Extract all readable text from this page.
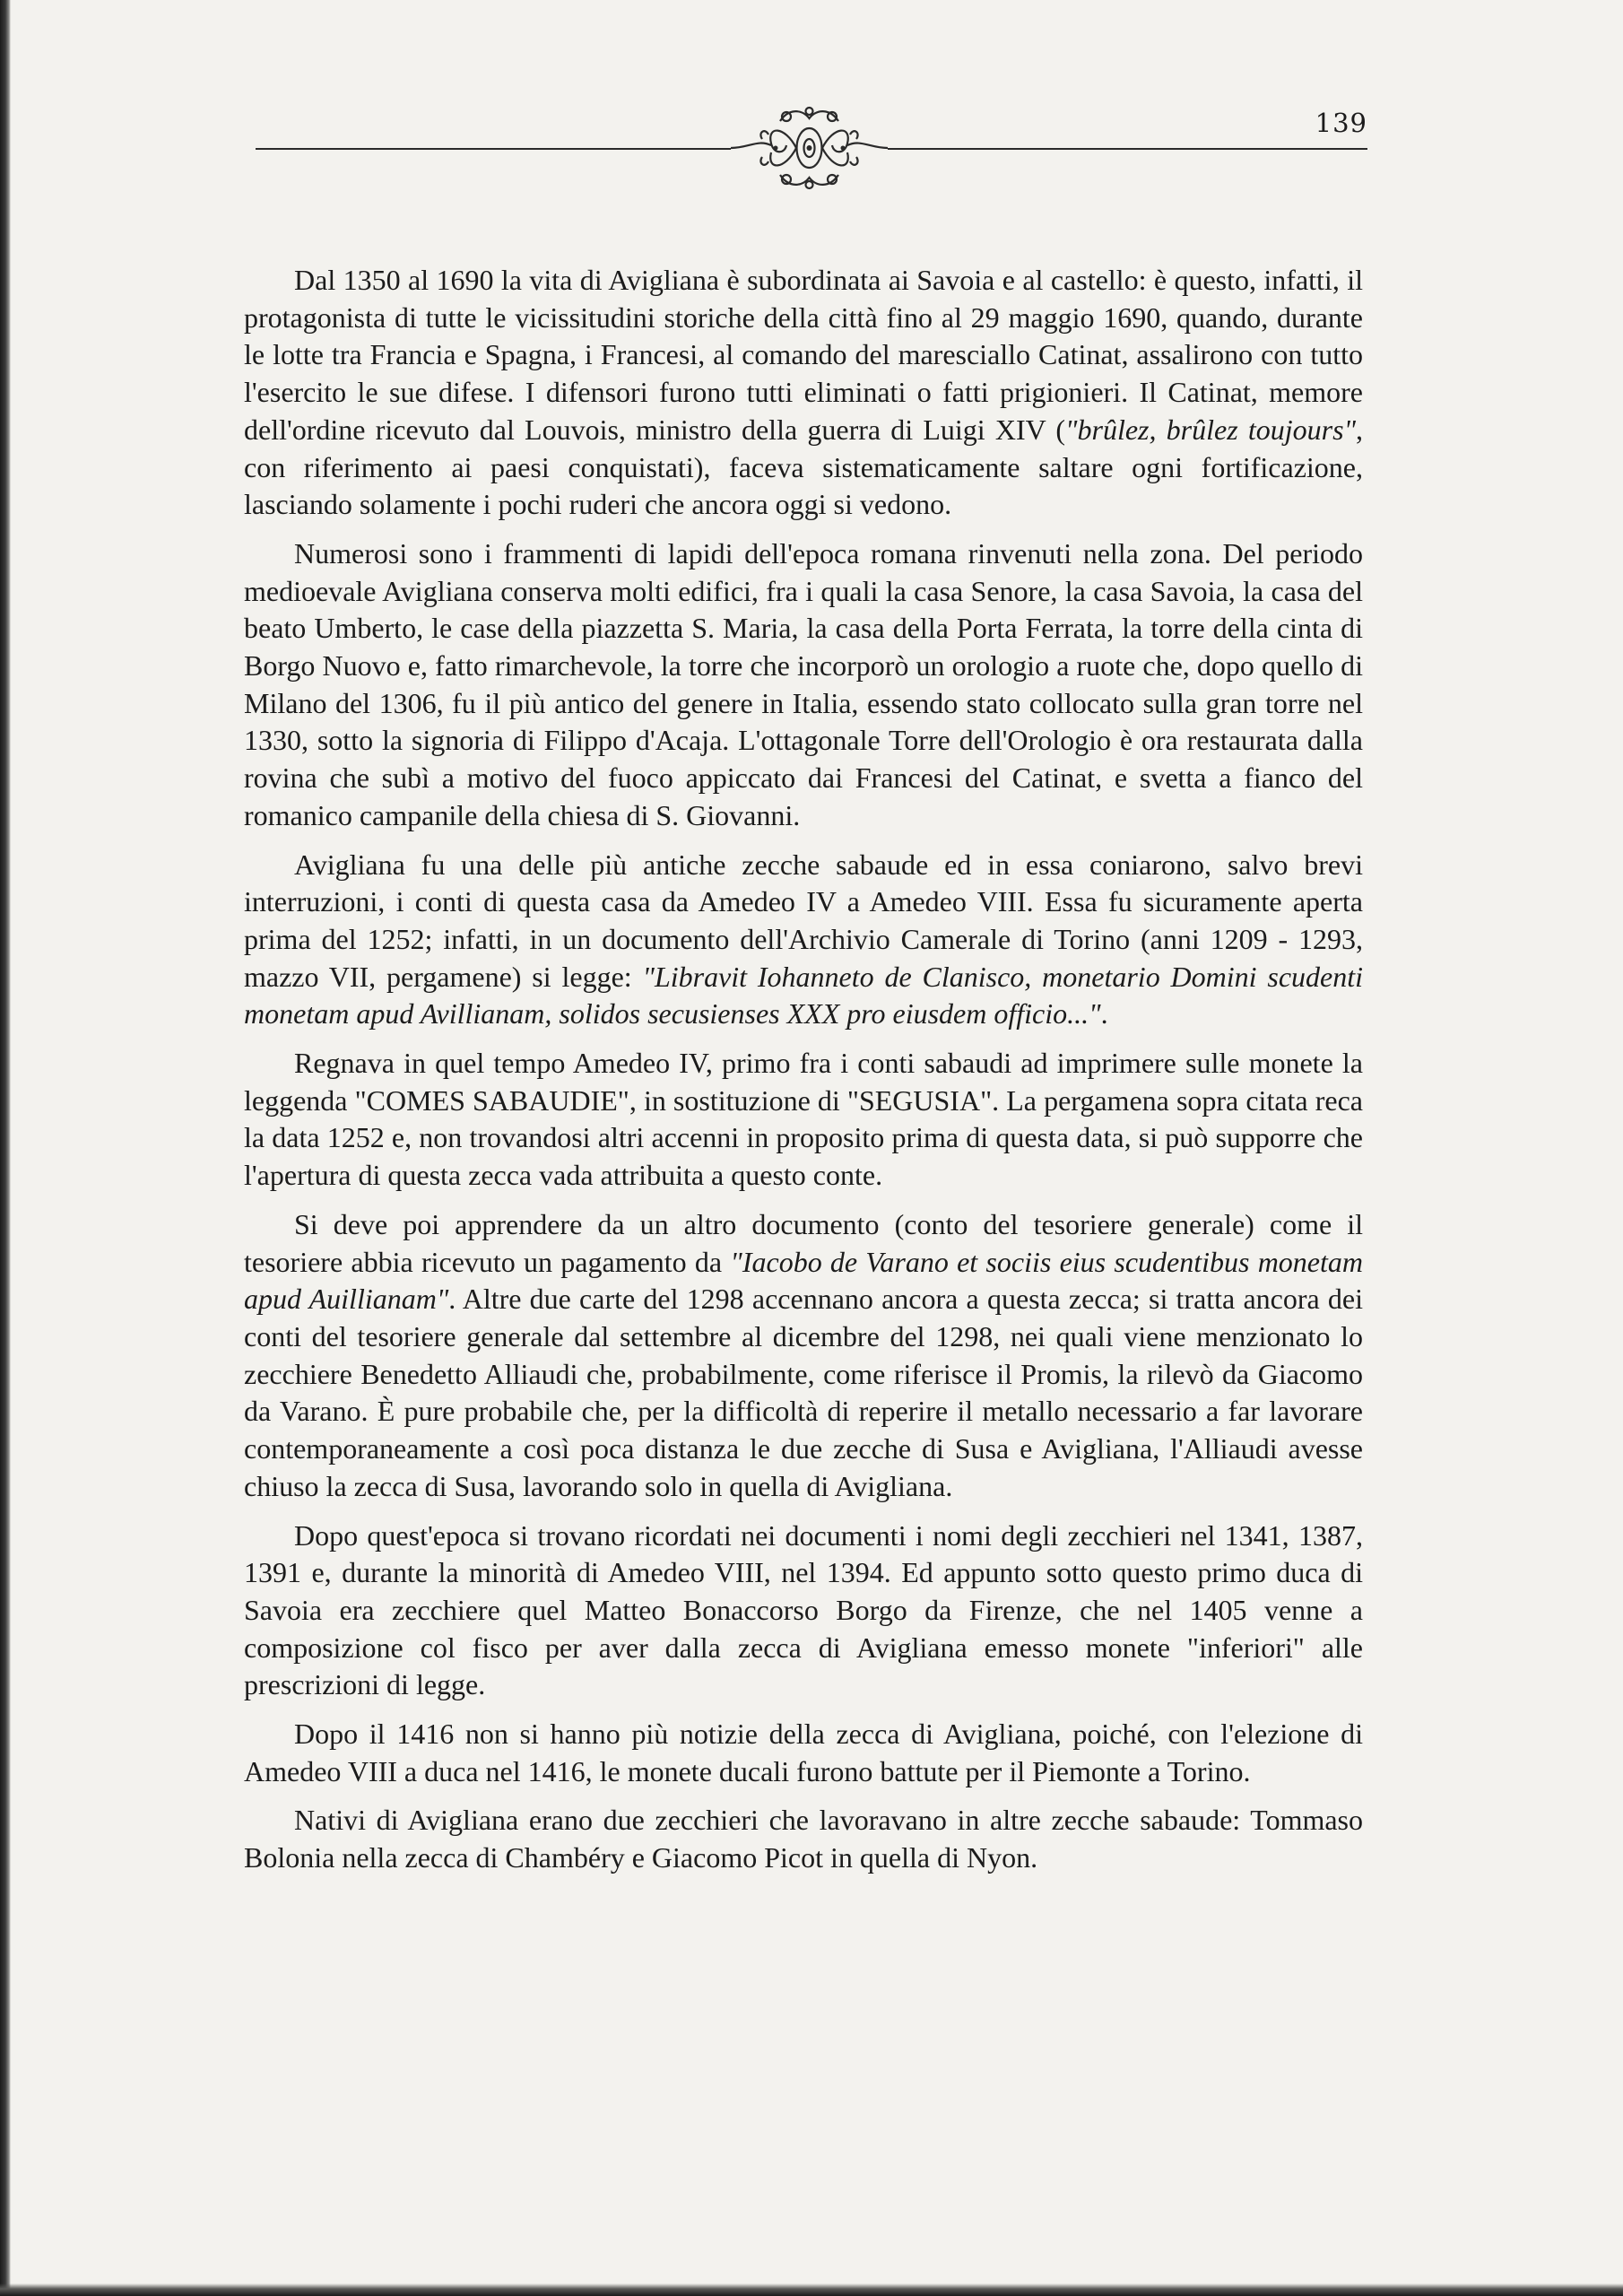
139

Dal 1350 al 1690 la vita di Avigliana è subordinata ai Savoia e al castello: è questo, infatti, il protagonista di tutte le vicissitudini storiche della città fino al 29 maggio 1690, quando, durante le lotte tra Francia e Spagna, i Francesi, al comando del maresciallo Catinat, assalirono con tutto l'esercito le sue difese. I difensori furono tutti eliminati o fatti prigionieri. Il Catinat, memore dell'ordine ricevuto dal Louvois, ministro della guerra di Luigi XIV ("brûlez, brûlez toujours", con riferimento ai paesi conquistati), faceva sistematicamente saltare ogni fortificazione, lasciando solamente i pochi ruderi che ancora oggi si vedono.

Numerosi sono i frammenti di lapidi dell'epoca romana rinvenuti nella zona. Del periodo medioevale Avigliana conserva molti edifici, fra i quali la casa Senore, la casa Savoia, la casa del beato Umberto, le case della piazzetta S. Maria, la casa della Porta Ferrata, la torre della cinta di Borgo Nuovo e, fatto rimarchevole, la torre che incorporò un orologio a ruote che, dopo quello di Milano del 1306, fu il più antico del genere in Italia, essendo stato collocato sulla gran torre nel 1330, sotto la signoria di Filippo d'Acaja. L'ottagonale Torre dell'Orologio è ora restaurata dalla rovina che subì a motivo del fuoco appiccato dai Francesi del Catinat, e svetta a fianco del romanico campanile della chiesa di S. Giovanni.

Avigliana fu una delle più antiche zecche sabaude ed in essa coniarono, salvo brevi interruzioni, i conti di questa casa da Amedeo IV a Amedeo VIII. Essa fu sicuramente aperta prima del 1252; infatti, in un documento dell'Archivio Camerale di Torino (anni 1209 - 1293, mazzo VII, pergamene) si legge: "Libravit Iohanneto de Clanisco, monetario Domini scudenti monetam apud Avillianam, solidos secusienses XXX pro eiusdem officio...".

Regnava in quel tempo Amedeo IV, primo fra i conti sabaudi ad imprimere sulle monete la leggenda "COMES SABAUDIE", in sostituzione di "SEGUSIA". La pergamena sopra citata reca la data 1252 e, non trovandosi altri accenni in proposito prima di questa data, si può supporre che l'apertura di questa zecca vada attribuita a questo conte.

Si deve poi apprendere da un altro documento (conto del tesoriere generale) come il tesoriere abbia ricevuto un pagamento da "Iacobo de Varano et sociis eius scudentibus monetam apud Auillianam". Altre due carte del 1298 accennano ancora a questa zecca; si tratta ancora dei conti del tesoriere generale dal settembre al dicembre del 1298, nei quali viene menzionato lo zecchiere Benedetto Alliaudi che, probabilmente, come riferisce il Promis, la rilevò da Giacomo da Varano. È pure probabile che, per la difficoltà di reperire il metallo necessario a far lavorare contemporaneamente a così poca distanza le due zecche di Susa e Avigliana, l'Alliaudi avesse chiuso la zecca di Susa, lavorando solo in quella di Avigliana.

Dopo quest'epoca si trovano ricordati nei documenti i nomi degli zecchieri nel 1341, 1387, 1391 e, durante la minorità di Amedeo VIII, nel 1394. Ed appunto sotto questo primo duca di Savoia era zecchiere quel Matteo Bonaccorso Borgo da Firenze, che nel 1405 venne a composizione col fisco per aver dalla zecca di Avigliana emesso monete "inferiori" alle prescrizioni di legge.

Dopo il 1416 non si hanno più notizie della zecca di Avigliana, poiché, con l'elezione di Amedeo VIII a duca nel 1416, le monete ducali furono battute per il Piemonte a Torino.

Nativi di Avigliana erano due zecchieri che lavoravano in altre zecche sabaude: Tommaso Bolonia nella zecca di Chambéry e Giacomo Picot in quella di Nyon.
